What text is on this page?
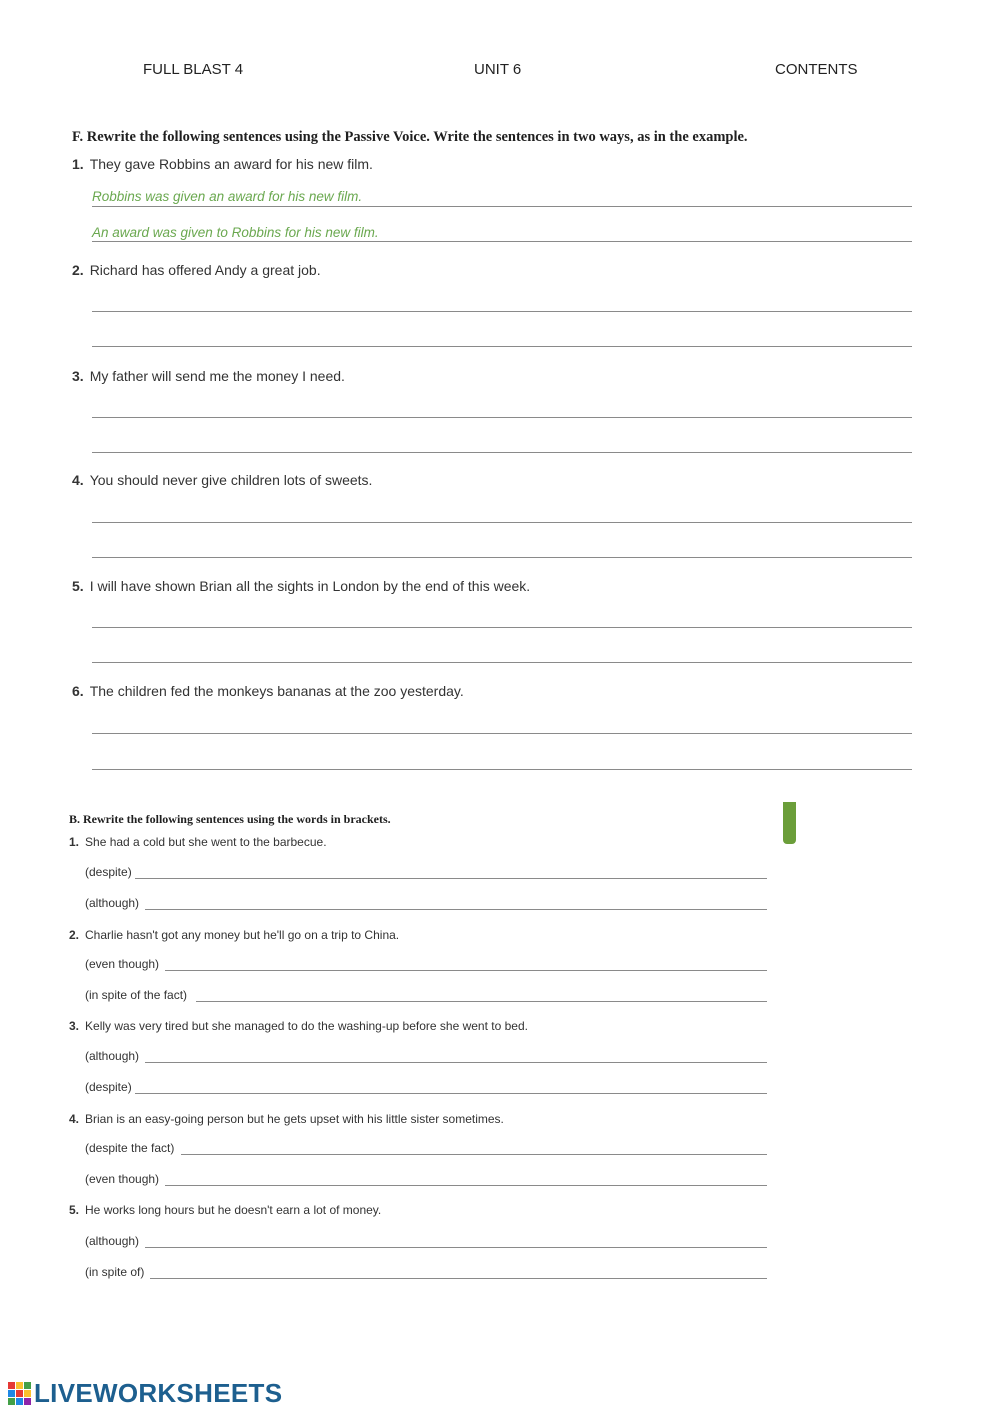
FULL BLAST 4	UNIT 6	CONTENTS
F. Rewrite the following sentences using the Passive Voice. Write the sentences in two ways, as in the example.
1. They gave Robbins an award for his new film.
Robbins was given an award for his new film.
An award was given to Robbins for his new film.
2. Richard has offered Andy a great job.
3. My father will send me the money I need.
4. You should never give children lots of sweets.
5. I will have shown Brian all the sights in London by the end of this week.
6. The children fed the monkeys bananas at the zoo yesterday.
B. Rewrite the following sentences using the words in brackets.
1. She had a cold but she went to the barbecue.
(despite)
(although)
2. Charlie hasn't got any money but he'll go on a trip to China.
(even though)
(in spite of the fact)
3. Kelly was very tired but she managed to do the washing-up before she went to bed.
(although)
(despite)
4. Brian is an easy-going person but he gets upset with his little sister sometimes.
(despite the fact)
(even though)
5. He works long hours but he doesn't earn a lot of money.
(although)
(in spite of)
LIVEWORKSHEETS
